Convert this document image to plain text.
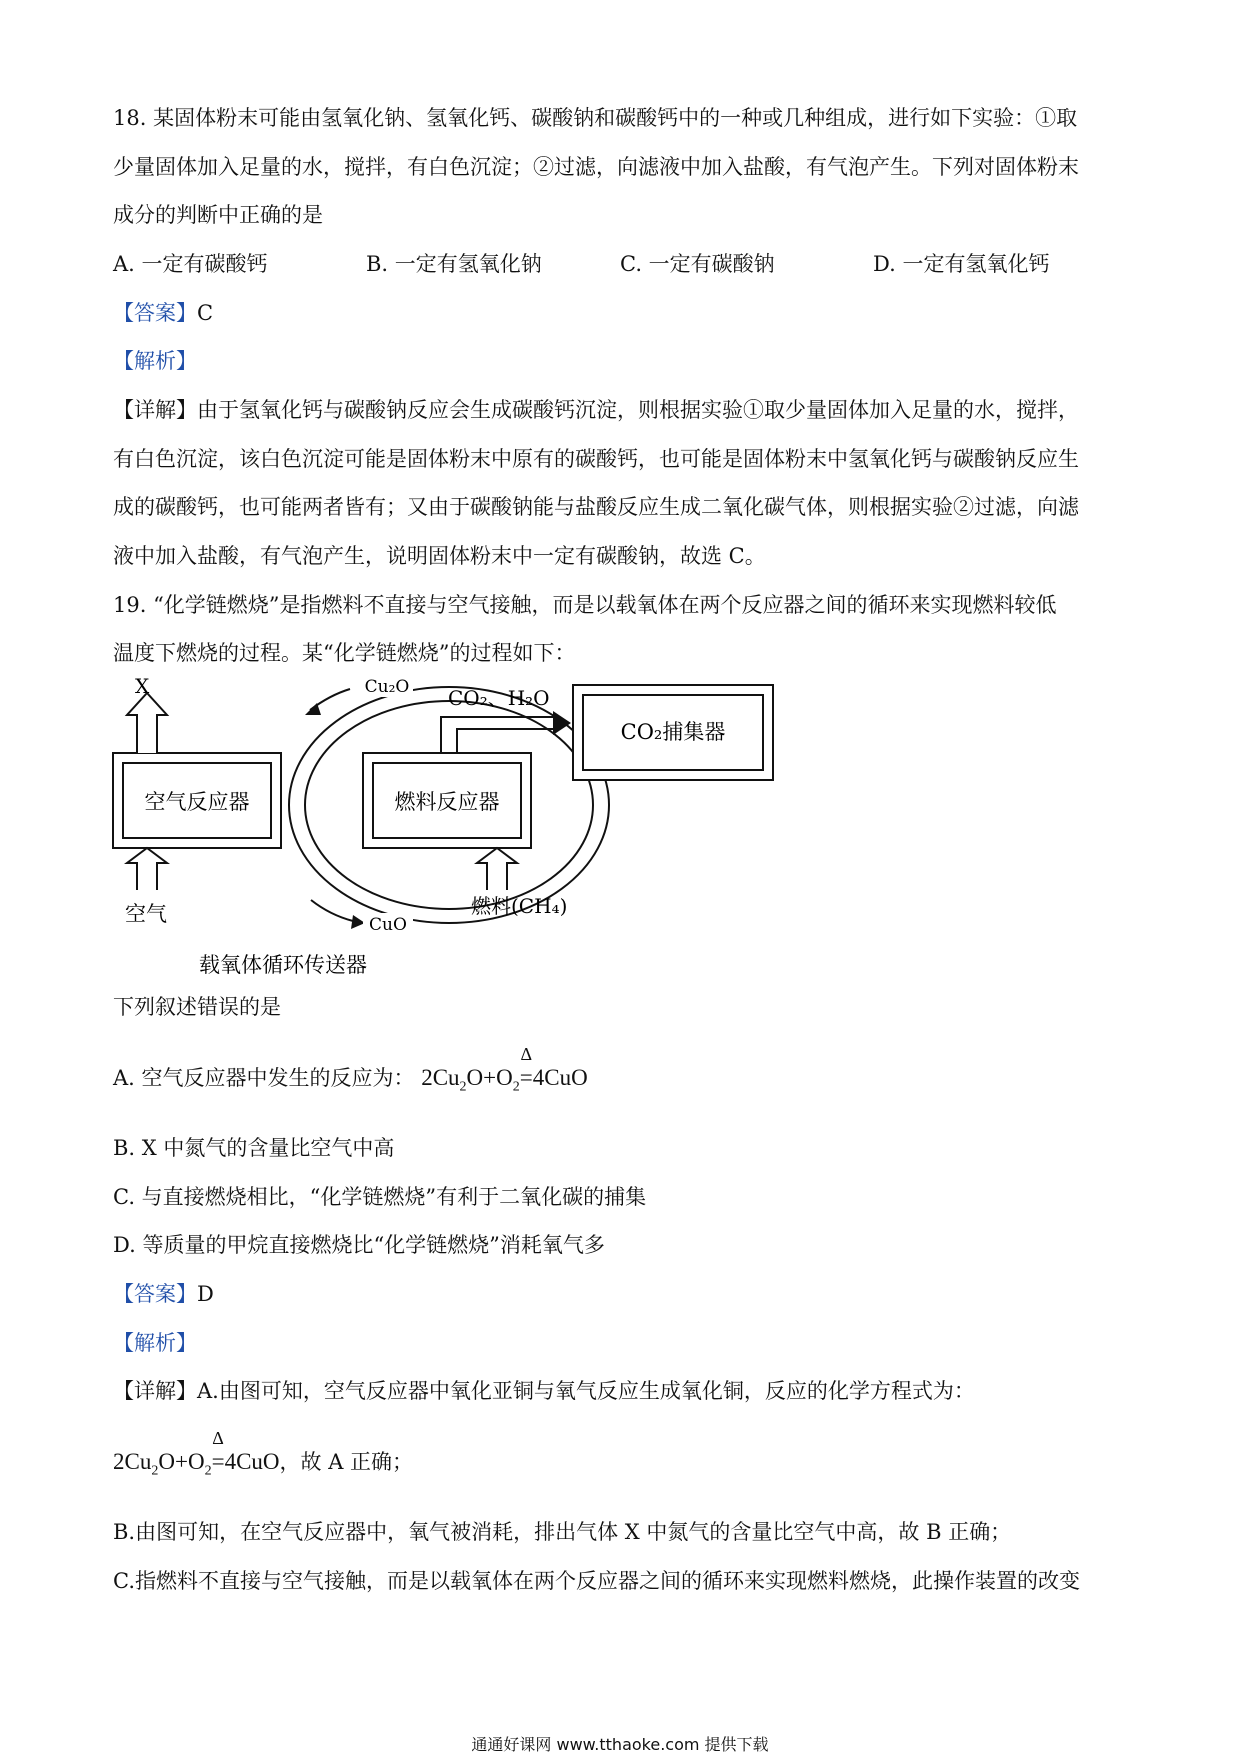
18. 某固体粉末可能由氢氧化钠、氢氧化钙、碳酸钠和碳酸钙中的一种或几种组成，进行如下实验：①取
少量固体加入足量的水，搅拌，有白色沉淀；②过滤，向滤液中加入盐酸，有气泡产生。下列对固体粉末
成分的判断中正确的是
A. 一定有碳酸钙	B. 一定有氢氧化钠	C. 一定有碳酸钠	D. 一定有氢氧化钙
【答案】C
【解析】
【详解】由于氢氧化钙与碳酸钠反应会生成碳酸钙沉淀，则根据实验①取少量固体加入足量的水，搅拌，
有白色沉淀，该白色沉淀可能是固体粉末中原有的碳酸钙，也可能是固体粉末中氢氧化钙与碳酸钠反应生
成的碳酸钙，也可能两者皆有；又由于碳酸钠能与盐酸反应生成二氧化碳气体，则根据实验②过滤，向滤
液中加入盐酸，有气泡产生，说明固体粉末中一定有碳酸钠，故选 C。
19. “化学链燃烧”是指燃料不直接与空气接触，而是以载氧体在两个反应器之间的循环来实现燃料较低
温度下燃烧的过程。某“化学链燃烧”的过程如下：
X
空气反应器	燃料反应器
CO₂、H₂O
CO₂捕集器
空气	燃料(CH₄)
Cu₂O
CuO
载氧体循环传送器
下列叙述错误的是
A. 空气反应器中发生的反应为： $2Cu_2O+O_2$
Δ
=4CuO
B. X 中氮气的含量比空气中高
C. 与直接燃烧相比，“化学链燃烧”有利于二氧化碳的捕集
D. 等质量的甲烷直接燃烧比“化学链燃烧”消耗氧气多
【答案】D
【解析】
【详解】A.由图可知，空气反应器中氧化亚铜与氧气反应生成氧化铜，反应的化学方程式为：
$2Cu_2O+O_2$
Δ
=4CuO，故 A 正确；
B.由图可知，在空气反应器中，氧气被消耗，排出气体 X 中氮气的含量比空气中高，故 B 正确；
C.指燃料不直接与空气接触，而是以载氧体在两个反应器之间的循环来实现燃料燃烧，此操作装置的改变
通通好课网 www.tthaoke.com 提供下载
